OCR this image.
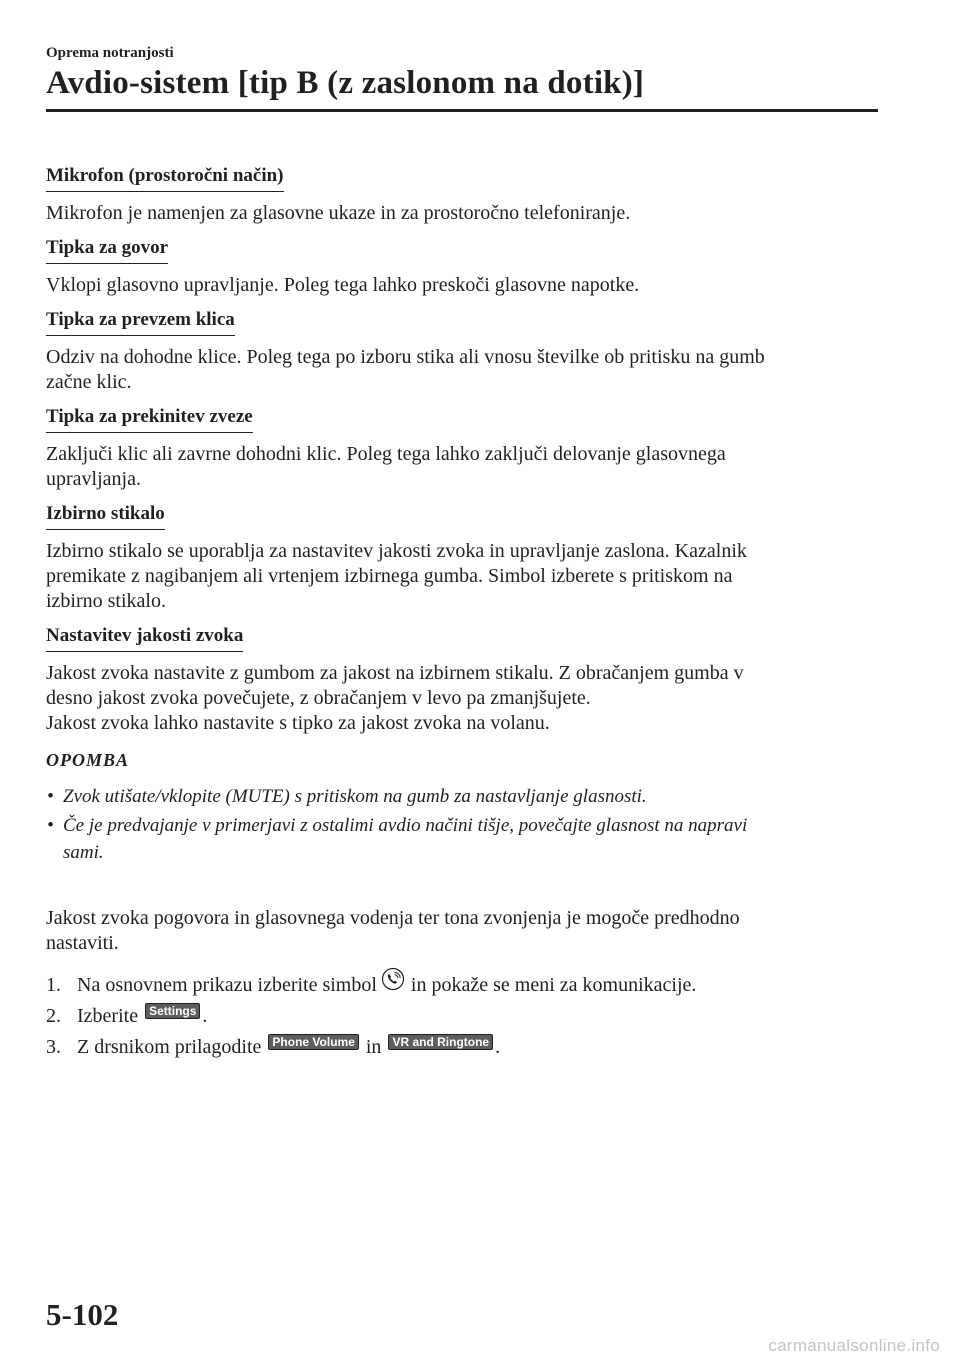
Oprema notranjosti
Avdio-sistem [tip B (z zaslonom na dotik)]
Mikrofon (prostoročni način)
Mikrofon je namenjen za glasovne ukaze in za prostoročno telefoniranje.
Tipka za govor
Vklopi glasovno upravljanje. Poleg tega lahko preskoči glasovne napotke.
Tipka za prevzem klica
Odziv na dohodne klice. Poleg tega po izboru stika ali vnosu številke ob pritisku na gumb
začne klic.
Tipka za prekinitev zveze
Zaključi klic ali zavrne dohodni klic. Poleg tega lahko zaključi delovanje glasovnega
upravljanja.
Izbirno stikalo
Izbirno stikalo se uporablja za nastavitev jakosti zvoka in upravljanje zaslona. Kazalnik
premikate z nagibanjem ali vrtenjem izbirnega gumba. Simbol izberete s pritiskom na
izbirno stikalo.
Nastavitev jakosti zvoka
Jakost zvoka nastavite z gumbom za jakost na izbirnem stikalu. Z obračanjem gumba v
desno jakost zvoka povečujete, z obračanjem v levo pa zmanjšujete.
Jakost zvoka lahko nastavite s tipko za jakost zvoka na volanu.
OPOMBA
• Zvok utišate/vklopite (MUTE) s pritiskom na gumb za nastavljanje glasnosti.
• Če je predvajanje v primerjavi z ostalimi avdio načini tišje, povečajte glasnost na napravi
sami.
Jakost zvoka pogovora in glasovnega vodenja ter tona zvonjenja je mogoče predhodno
nastaviti.
1. Na osnovnem prikazu izberite simbol in pokaže se meni za komunikacije.
2. Izberite Settings .
3. Z drsnikom prilagodite Phone Volume in VR and Ringtone .
5-102
carmanualsonline.info
